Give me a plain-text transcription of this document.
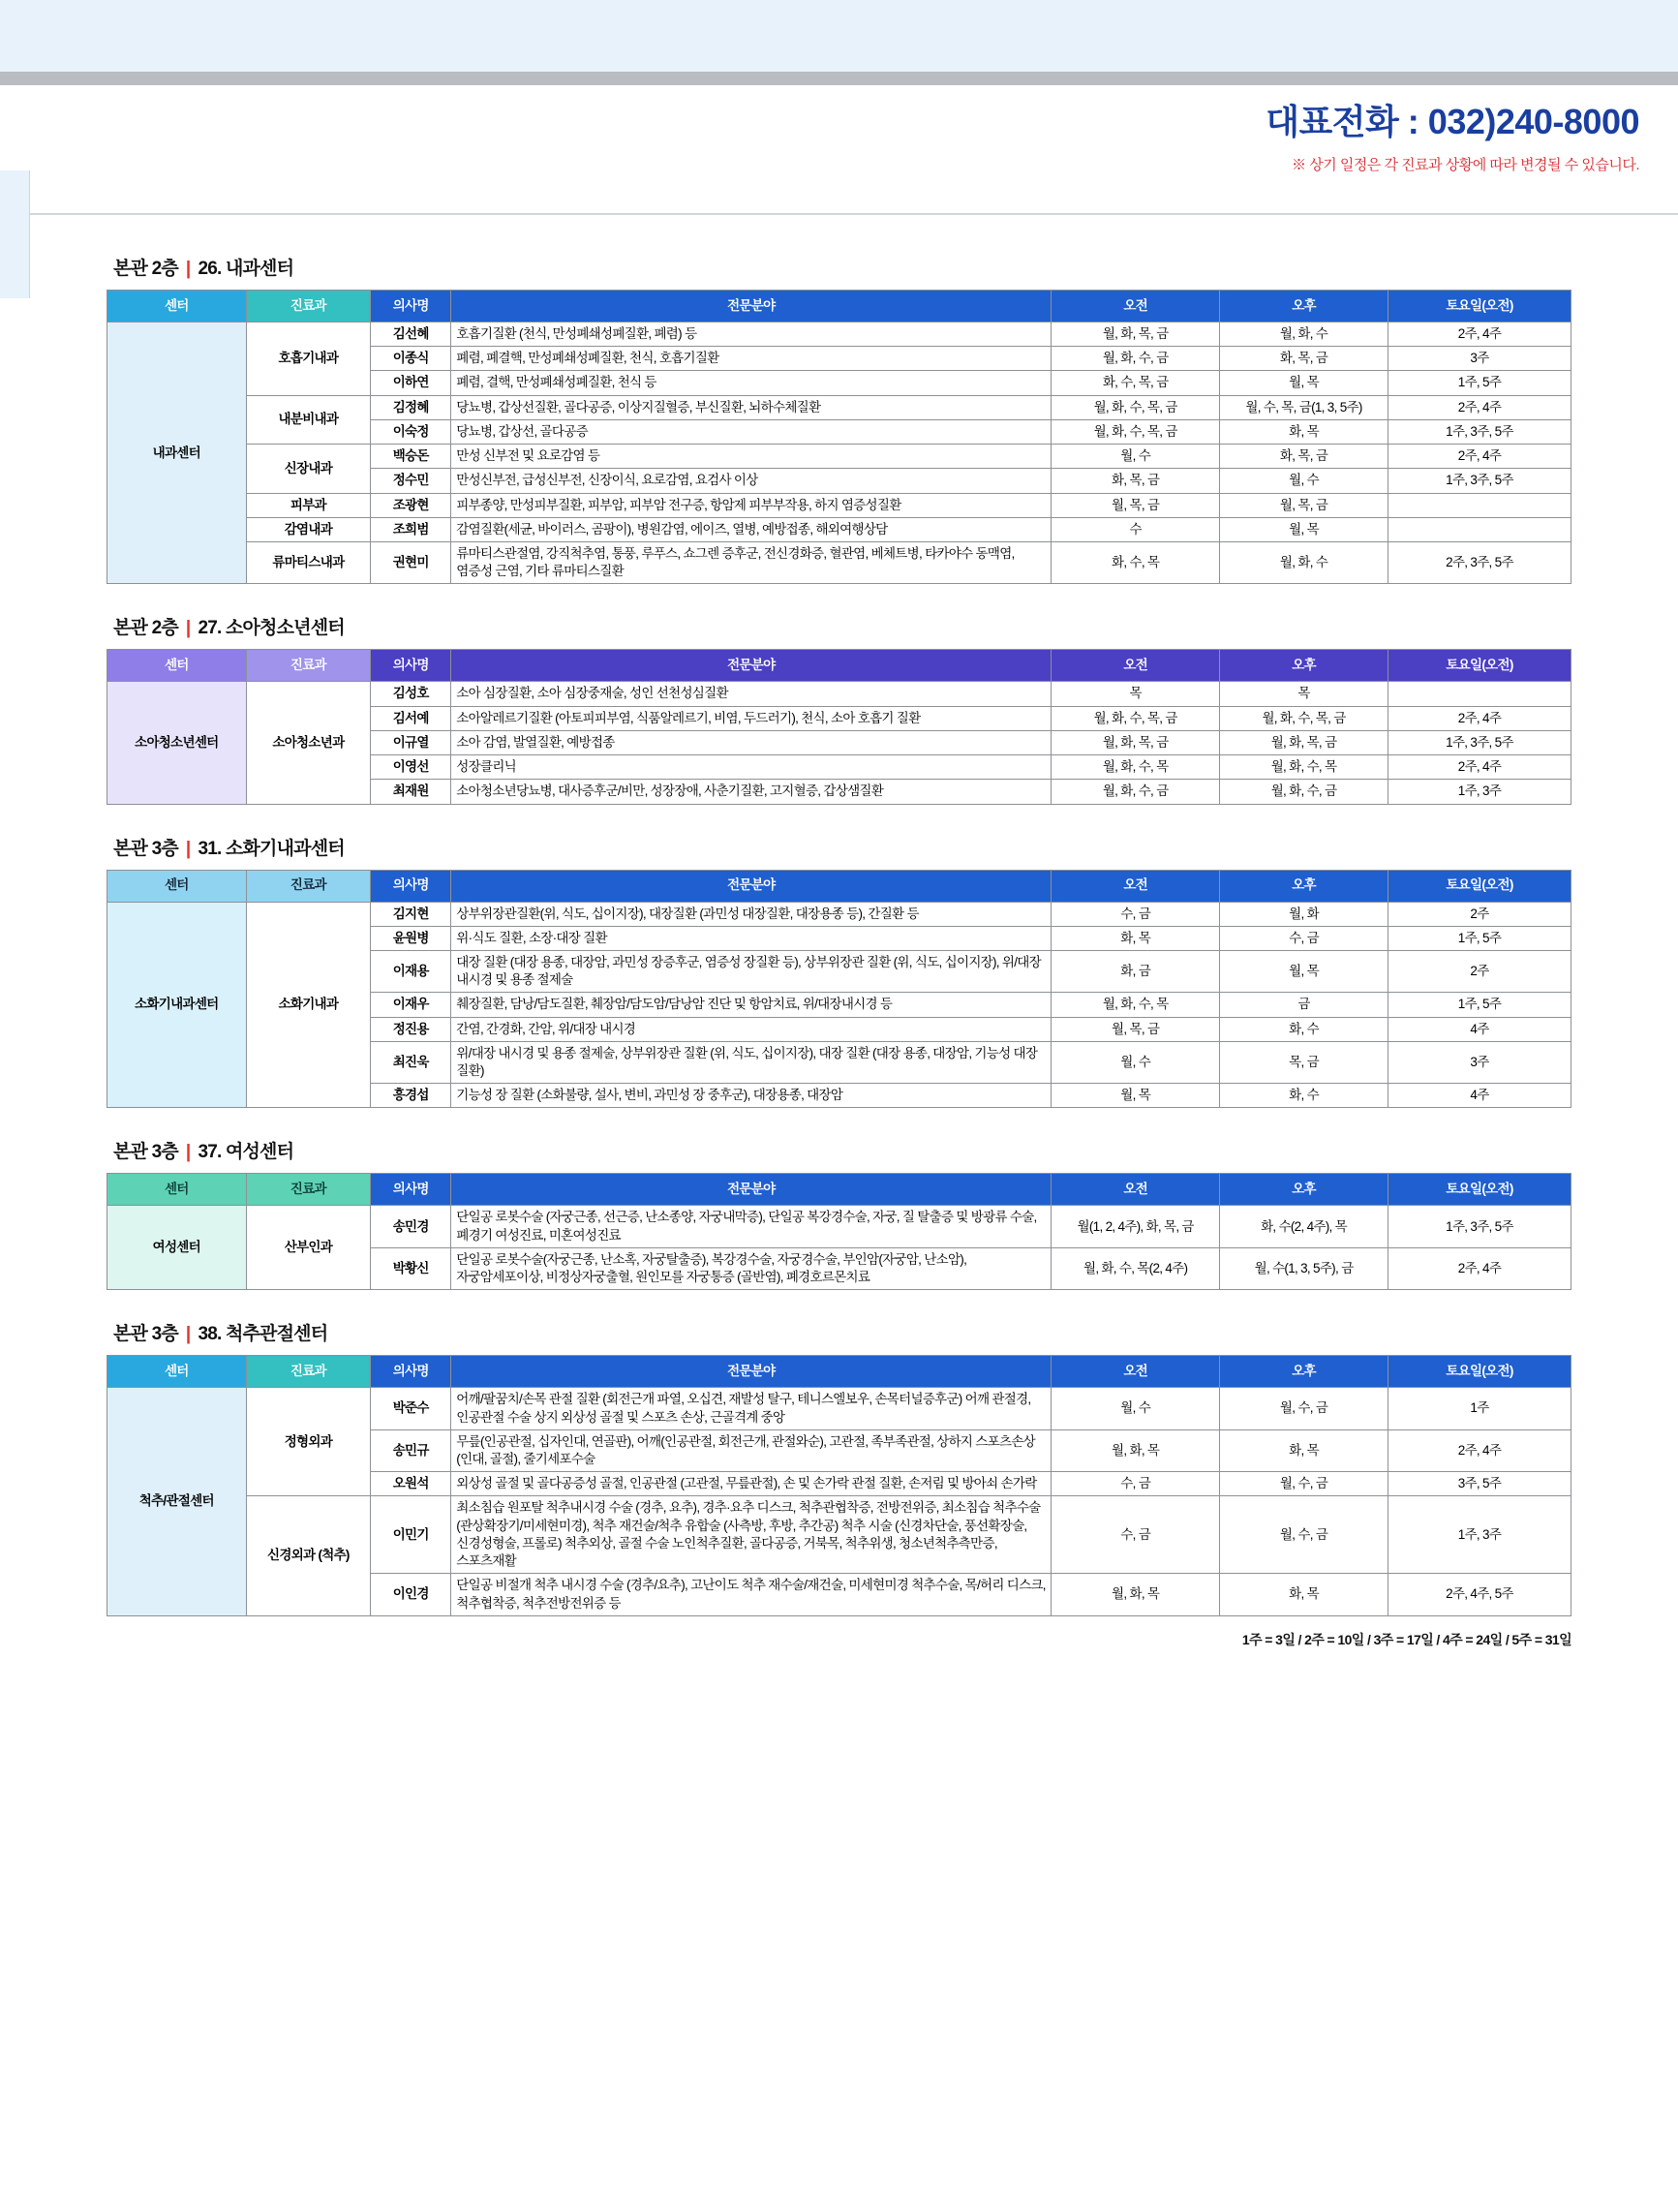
대표전화 : 032)240-8000
※ 상기 일정은 각 진료과 상황에 따라 변경될 수 있습니다.
본관 2층 | 26. 내과센터
센터	진료과	의사명	전문분야	오전	오후	토요일(오전)
내과센터	호흡기내과	김선혜	호흡기질환 (천식, 만성폐쇄성폐질환, 폐렴) 등	월, 화, 목, 금	월, 화, 수	2주, 4주
		이종식	폐렴, 폐결핵, 만성폐쇄성폐질환, 천식, 호흡기질환	월, 화, 수, 금	화, 목, 금	3주
		이하연	폐렴, 결핵, 만성폐쇄성폐질환, 천식 등	화, 수, 목, 금	월, 목	1주, 5주
	내분비내과	김정혜	당뇨병, 갑상선질환, 골다공증, 이상지질혈증, 부신질환, 뇌하수체질환	월, 화, 수, 목, 금	월, 수, 목, 금(1, 3, 5주)	2주, 4주
		이숙정	당뇨병, 갑상선, 골다공증	월, 화, 수, 목, 금	화, 목	1주, 3주, 5주
	신장내과	백승돈	만성 신부전 및 요로감염 등	월, 수	화, 목, 금	2주, 4주
		정수민	만성신부전, 급성신부전, 신장이식, 요로감염, 요검사 이상	화, 목, 금	월, 수	1주, 3주, 5주
	피부과	조광현	피부종양, 만성피부질환, 피부암, 피부암 전구증, 항암제 피부부작용, 하지 염증성질환	월, 목, 금	월, 목, 금	
	감염내과	조희범	감염질환(세균, 바이러스, 곰팡이), 병원감염, 에이즈, 열병, 예방접종, 해외여행상담	수	월, 목	
	류마티스내과	권현미	류마티스관절염, 강직척추염, 통풍, 루푸스, 쇼그렌 증후군, 전신경화증, 혈관염, 베체트병, 타카야수 동맥염, 염증성 근염, 기타 류마티스질환	화, 수, 목	월, 화, 수	2주, 3주, 5주
본관 2층 | 27. 소아청소년센터
센터	진료과	의사명	전문분야	오전	오후	토요일(오전)
소아청소년센터	소아청소년과	김성호	소아 심장질환, 소아 심장중재술, 성인 선천성심질환	목	목	
		김서예	소아알레르기질환 (아토피피부염, 식품알레르기, 비염, 두드러기), 천식, 소아 호흡기 질환	월, 화, 수, 목, 금	월, 화, 수, 목, 금	2주, 4주
		이규열	소아 감염, 발열질환, 예방접종	월, 화, 목, 금	월, 화, 목, 금	1주, 3주, 5주
		이영선	성장클리닉	월, 화, 수, 목	월, 화, 수, 목	2주, 4주
		최재원	소아청소년당뇨병, 대사증후군/비만, 성장장애, 사춘기질환, 고지혈증, 갑상샘질환	월, 화, 수, 금	월, 화, 수, 금	1주, 3주
본관 3층 | 31. 소화기내과센터
센터	진료과	의사명	전문분야	오전	오후	토요일(오전)
소화기내과센터	소화기내과	김지현	상부위장관질환(위, 식도, 십이지장), 대장질환 (과민성 대장질환, 대장용종 등), 간질환 등	수, 금	월, 화	2주
		윤원병	위·식도 질환, 소장·대장 질환	화, 목	수, 금	1주, 5주
		이재용	대장 질환 (대장 용종, 대장암, 과민성 장증후군, 염증성 장질환 등), 상부위장관 질환 (위, 식도, 십이지장), 위/대장 내시경 및 용종 절제술	화, 금	월, 목	2주
		이재우	췌장질환, 담낭/담도질환, 췌장암/담도암/담낭암 진단 및 항암치료, 위/대장내시경 등	월, 화, 수, 목	금	1주, 5주
		정진용	간염, 간경화, 간암, 위/대장 내시경	월, 목, 금	화, 수	4주
		최진욱	위/대장 내시경 및 용종 절제술, 상부위장관 질환 (위, 식도, 십이지장), 대장 질환 (대장 용종, 대장암, 기능성 대장 질환)	월, 수	목, 금	3주
		흥경섭	기능성 장 질환 (소화불량, 설사, 변비, 과민성 장 중후군), 대장용종, 대장암	월, 목	화, 수	4주
본관 3층 | 37. 여성센터
센터	진료과	의사명	전문분야	오전	오후	토요일(오전)
여성센터	산부인과	송민경	단일공 로봇수술 (자궁근종, 선근증, 난소종양, 자궁내막증), 단일공 복강경수술, 자궁, 질 탈출증 및 방광류 수술, 폐경기 여성진료, 미혼여성진료	월(1, 2, 4주), 화, 목, 금	화, 수(2, 4주), 목	1주, 3주, 5주
		박황신	단일공 로봇수술(자궁근종, 난소혹, 자궁탈출증), 복강경수술, 자궁경수술, 부인암(자궁암, 난소암), 자궁암세포이상, 비정상자궁출혈, 원인모를 자궁통증 (골반염), 폐경호르몬치료	월, 화, 수, 목(2, 4주)	월, 수(1, 3, 5주), 금	2주, 4주
본관 3층 | 38. 척추관절센터
센터	진료과	의사명	전문분야	오전	오후	토요일(오전)
척추/관절센터	정형외과	박준수	어깨/팔꿈치/손목 관절 질환 (회전근개 파열, 오십견, 재발성 탈구, 테니스엘보우, 손목터널증후군) 어깨 관절경, 인공관절 수술 상지 외상성 골절 및 스포츠 손상, 근골격계 중앙	월, 수	월, 수, 금	1주
		송민규	무릎(인공관절, 십자인대, 연골판), 어깨(인공관절, 회전근개, 관절와순), 고관절, 족부족관절, 상하지 스포츠손상(인대, 골절), 줄기세포수술	월, 화, 목	화, 목	2주, 4주
		오원석	외상성 골절 및 골다공증성 골절, 인공관절 (고관절, 무릎관절), 손 및 손가락 관절 질환, 손저림 및 방아쇠 손가락	수, 금	월, 수, 금	3주, 5주
	신경외과 (척추)	이민기	최소침습 원포탈 척추내시경 수술 (경추, 요추), 경추·요추 디스크, 척추관협착증, 전방전위증, 최소침습 척추수술 (관상확장기/미세현미경), 척추 재건술/척추 유합술 (사측방, 후방, 추간공) 척추 시술 (신경차단술, 풍선확장술, 신경성형술, 프롤로) 척추외상, 골절 수술 노인척추질환, 골다공증, 거북목, 척추위생, 청소년척추측만증, 스포츠재활	수, 금	월, 수, 금	1주, 3주
		이인경	단일공 비절개 척추 내시경 수술 (경추/요추), 고난이도 척추 재수술/재건술, 미세현미경 척추수술, 목/허리 디스크, 척추협착증, 척추전방전위증 등	월, 화, 목	화, 목	2주, 4주, 5주
1주 = 3일 / 2주 = 10일 / 3주 = 17일 / 4주 = 24일 / 5주 = 31일
